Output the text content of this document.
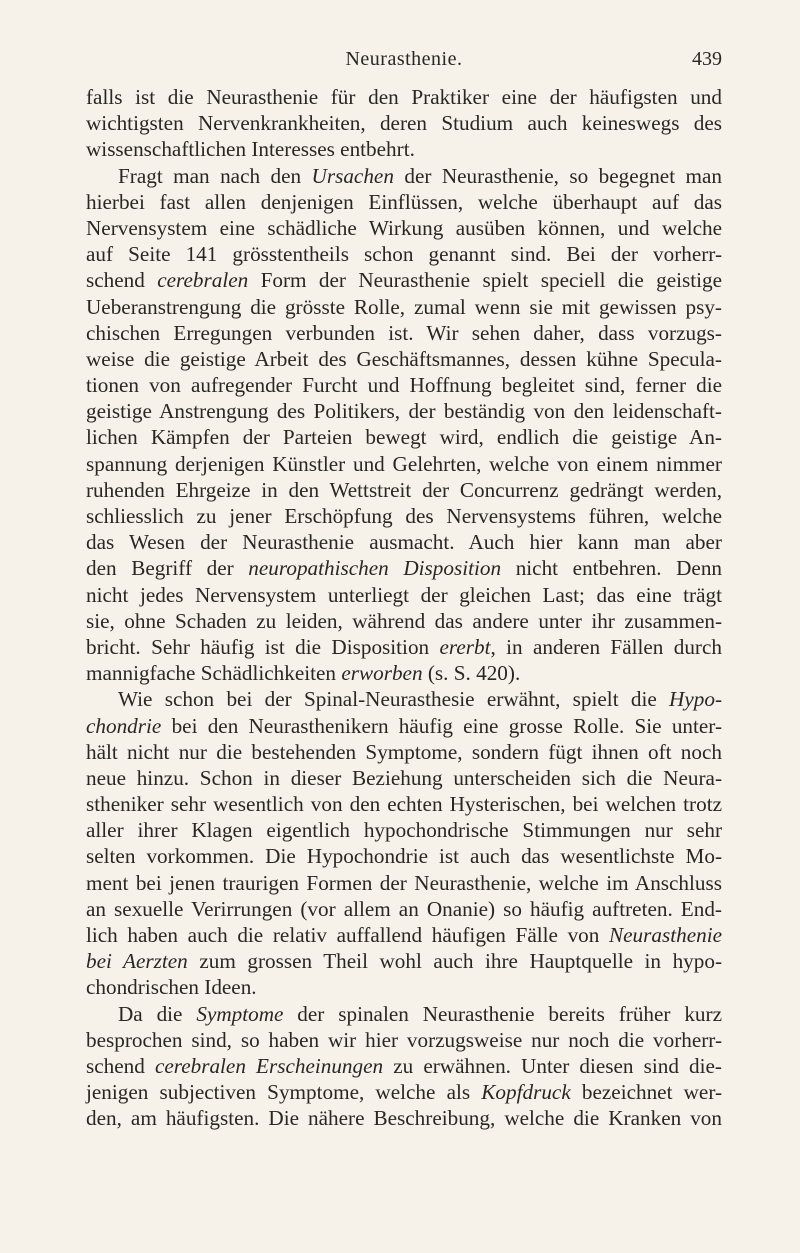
Neurasthenie.	439
falls ist die Neurasthenie für den Praktiker eine der häufigsten und
wichtigsten Nervenkrankheiten, deren Studium auch keineswegs des
wissenschaftlichen Interesses entbehrt.
Fragt man nach den Ursachen der Neurasthenie, so begegnet man
hierbei fast allen denjenigen Einflüssen, welche überhaupt auf das
Nervensystem eine schädliche Wirkung ausüben können, und welche
auf Seite 141 grösstentheils schon genannt sind. Bei der vorherr-
schend cerebralen Form der Neurasthenie spielt speciell die geistige
Ueberanstrengung die grösste Rolle, zumal wenn sie mit gewissen psy-
chischen Erregungen verbunden ist. Wir sehen daher, dass vorzugs-
weise die geistige Arbeit des Geschäftsmannes, dessen kühne Specula-
tionen von aufregender Furcht und Hoffnung begleitet sind, ferner die
geistige Anstrengung des Politikers, der beständig von den leidenschaft-
lichen Kämpfen der Parteien bewegt wird, endlich die geistige An-
spannung derjenigen Künstler und Gelehrten, welche von einem nimmer
ruhenden Ehrgeize in den Wettstreit der Concurrenz gedrängt werden,
schliesslich zu jener Erschöpfung des Nervensystems führen, welche
das Wesen der Neurasthenie ausmacht. Auch hier kann man aber
den Begriff der neuropathischen Disposition nicht entbehren. Denn
nicht jedes Nervensystem unterliegt der gleichen Last; das eine trägt
sie, ohne Schaden zu leiden, während das andere unter ihr zusammen-
bricht. Sehr häufig ist die Disposition ererbt, in anderen Fällen durch
mannigfache Schädlichkeiten erworben (s. S. 420).
Wie schon bei der Spinal-Neurasthesie erwähnt, spielt die Hypo-
chondrie bei den Neurasthenikern häufig eine grosse Rolle. Sie unter-
hält nicht nur die bestehenden Symptome, sondern fügt ihnen oft noch
neue hinzu. Schon in dieser Beziehung unterscheiden sich die Neura-
stheniker sehr wesentlich von den echten Hysterischen, bei welchen trotz
aller ihrer Klagen eigentlich hypochondrische Stimmungen nur sehr
selten vorkommen. Die Hypochondrie ist auch das wesentlichste Mo-
ment bei jenen traurigen Formen der Neurasthenie, welche im Anschluss
an sexuelle Verirrungen (vor allem an Onanie) so häufig auftreten. End-
lich haben auch die relativ auffallend häufigen Fälle von Neurasthenie
bei Aerzten zum grossen Theil wohl auch ihre Hauptquelle in hypo-
chondrischen Ideen.
Da die Symptome der spinalen Neurasthenie bereits früher kurz
besprochen sind, so haben wir hier vorzugsweise nur noch die vorherr-
schend cerebralen Erscheinungen zu erwähnen. Unter diesen sind die-
jenigen subjectiven Symptome, welche als Kopfdruck bezeichnet wer-
den, am häufigsten. Die nähere Beschreibung, welche die Kranken von
